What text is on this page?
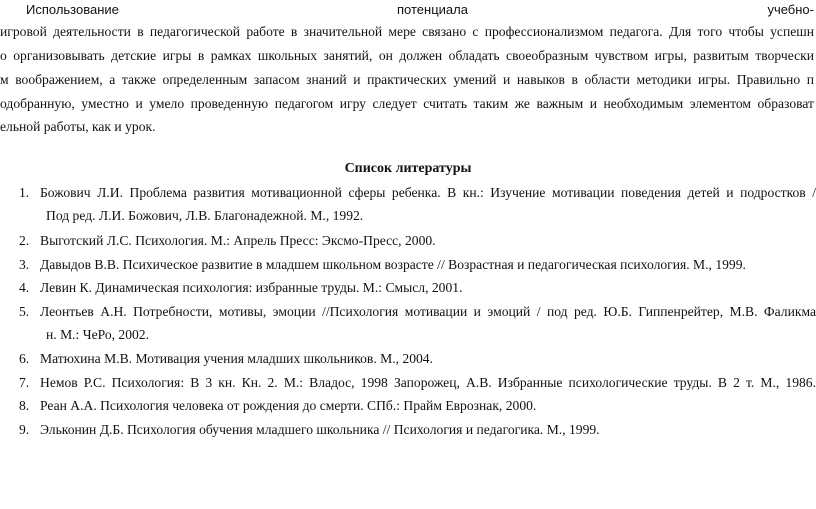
Использование	потенциала	учебно-
игровой деятельности в педагогической работе в значительной мере связано с профессионализмом педагога. Для того чтобы успешн
о организовывать детские игры в рамках школьных занятий, он должен обладать своеобразным чувством игры, развитым творчески
м воображением, а также определенным запасом знаний и практических умений и навыков в области методики игры. Правильно п
одобранную, уместно и умело проведенную педагогом игру следует считать таким же важным и необходимым элементом образоват
ельной работы, как и урок.
Список литературы
1. Божович Л.И. Проблема развития мотивационной сферы ребенка. В кн.: Изучение мотивации поведения детей и подростков /
Под ред. Л.И. Божович, Л.В. Благонадежной. М., 1992.
2. Выготский Л.С. Психология. М.: Апрель Пресс: Эксмо-Пресс, 2000.
3. Давыдов В.В. Психическое развитие в младшем школьном возрасте // Возрастная и педагогическая психология. М., 1999.
4. Левин К. Динамическая психология: избранные труды. М.: Смысл, 2001.
5. Леонтьев А.Н. Потребности, мотивы, эмоции //Психология мотивации и эмоций / под ред. Ю.Б. Гиппенрейтер, М.В. Фаликма
н. М.: ЧеРо, 2002.
6. Матюхина М.В. Мотивация учения младших школьников. М., 2004.
7. Немов Р.С. Психология: В 3 кн. Кн. 2. М.: Владос, 1998 Запорожец, А.В. Избранные психологические труды. В 2 т. М., 1986.
8. Реан А.А. Психология человека от рождения до смерти. СПб.: Прайм Еврознак, 2000.
9. Эльконин Д.Б. Психология обучения младшего школьника // Психология и педагогика. М., 1999.
